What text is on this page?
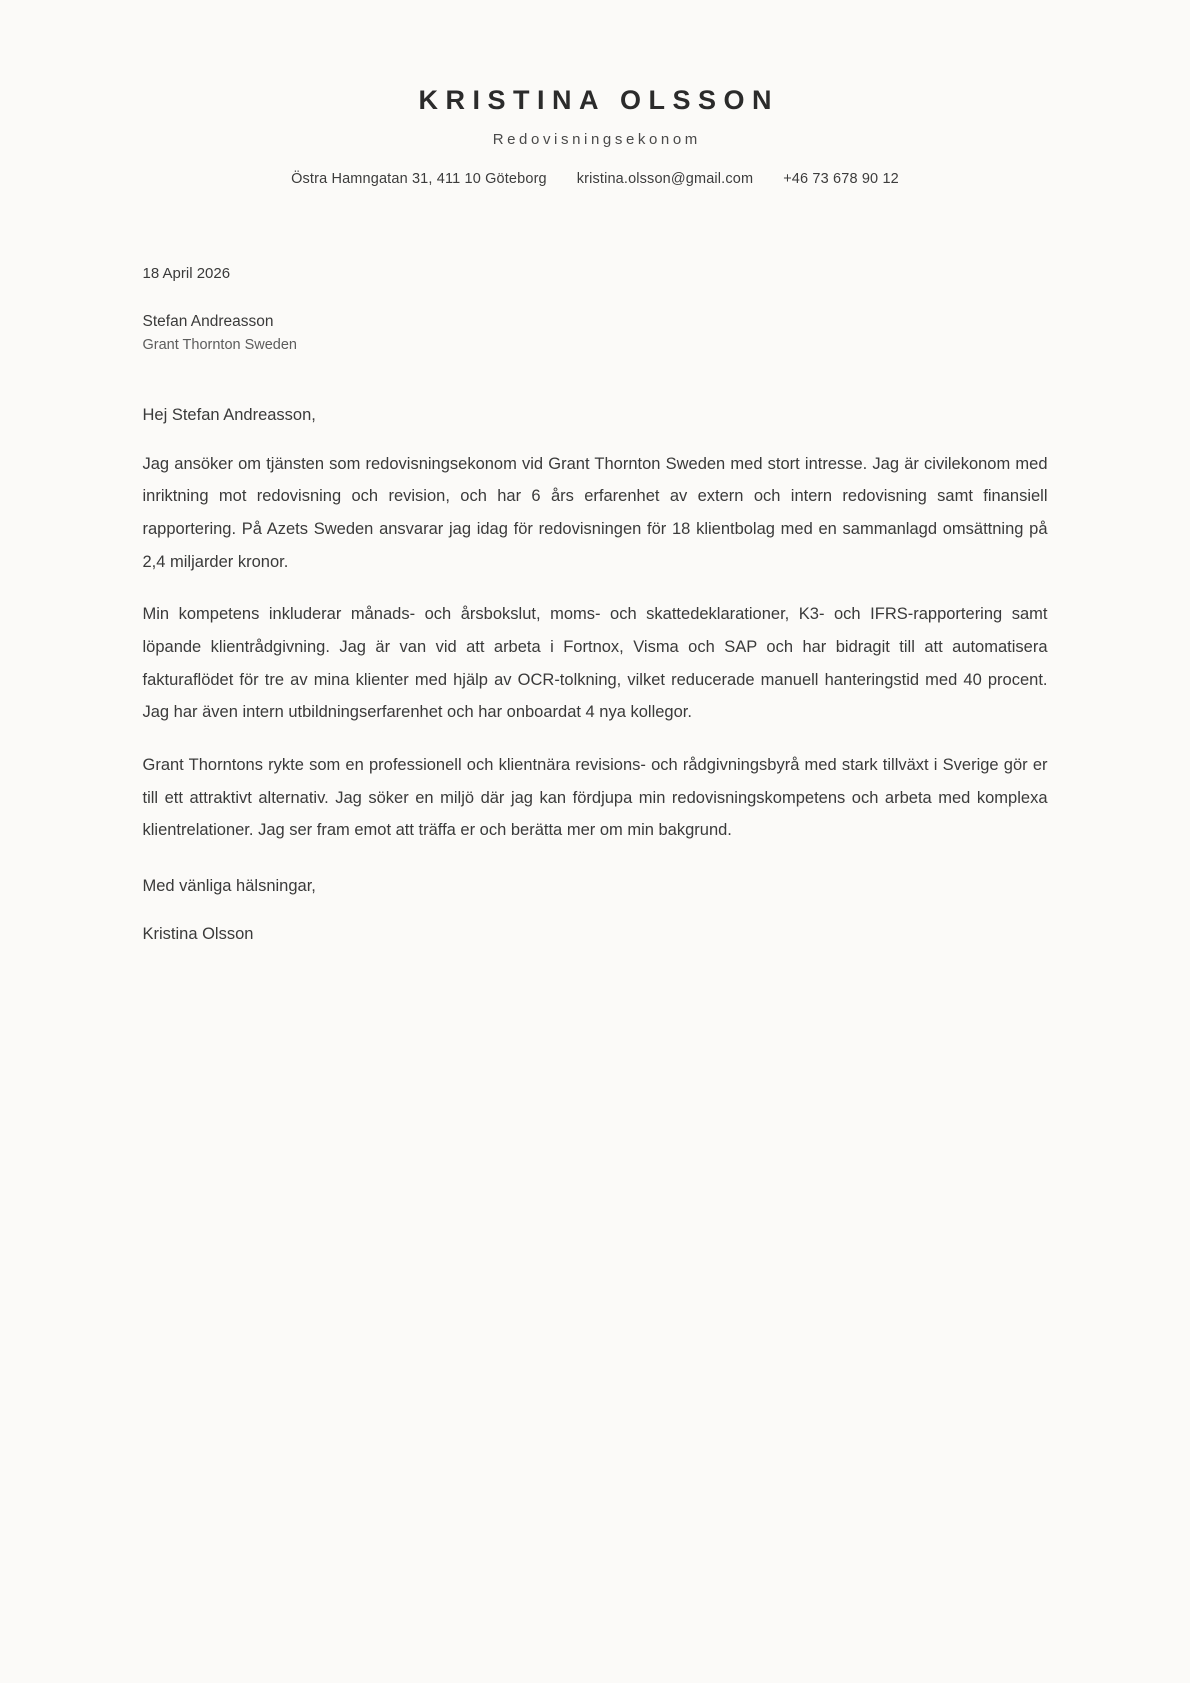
KRISTINA OLSSON
Redovisningsekonom
Östra Hamngatan 31, 411 10 Göteborg kristina.olsson@gmail.com +46 73 678 90 12
18 April 2026
Stefan Andreasson
Grant Thornton Sweden
Hej Stefan Andreasson,

Jag ansöker om tjänsten som redovisningsekonom vid Grant Thornton Sweden med stort intresse. Jag är civilekonom med inriktning mot redovisning och revision, och har 6 års erfarenhet av extern och intern redovisning samt finansiell rapportering. På Azets Sweden ansvarar jag idag för redovisningen för 18 klientbolag med en sammanlagd omsättning på 2,4 miljarder kronor.

Min kompetens inkluderar månads- och årsbokslut, moms- och skattedeklarationer, K3- och IFRS-rapportering samt löpande klientrådgivning. Jag är van vid att arbeta i Fortnox, Visma och SAP och har bidragit till att automatisera fakturaflödet för tre av mina klienter med hjälp av OCR-tolkning, vilket reducerade manuell hanteringstid med 40 procent. Jag har även intern utbildningserfarenhet och har onboardat 4 nya kollegor.

Grant Thorntons rykte som en professionell och klientnära revisions- och rådgivningsbyrå med stark tillväxt i Sverige gör er till ett attraktivt alternativ. Jag söker en miljö där jag kan fördjupa min redovisningskompetens och arbeta med komplexa klientrelationer. Jag ser fram emot att träffa er och berätta mer om min bakgrund.

Med vänliga hälsningar,
Kristina Olsson
